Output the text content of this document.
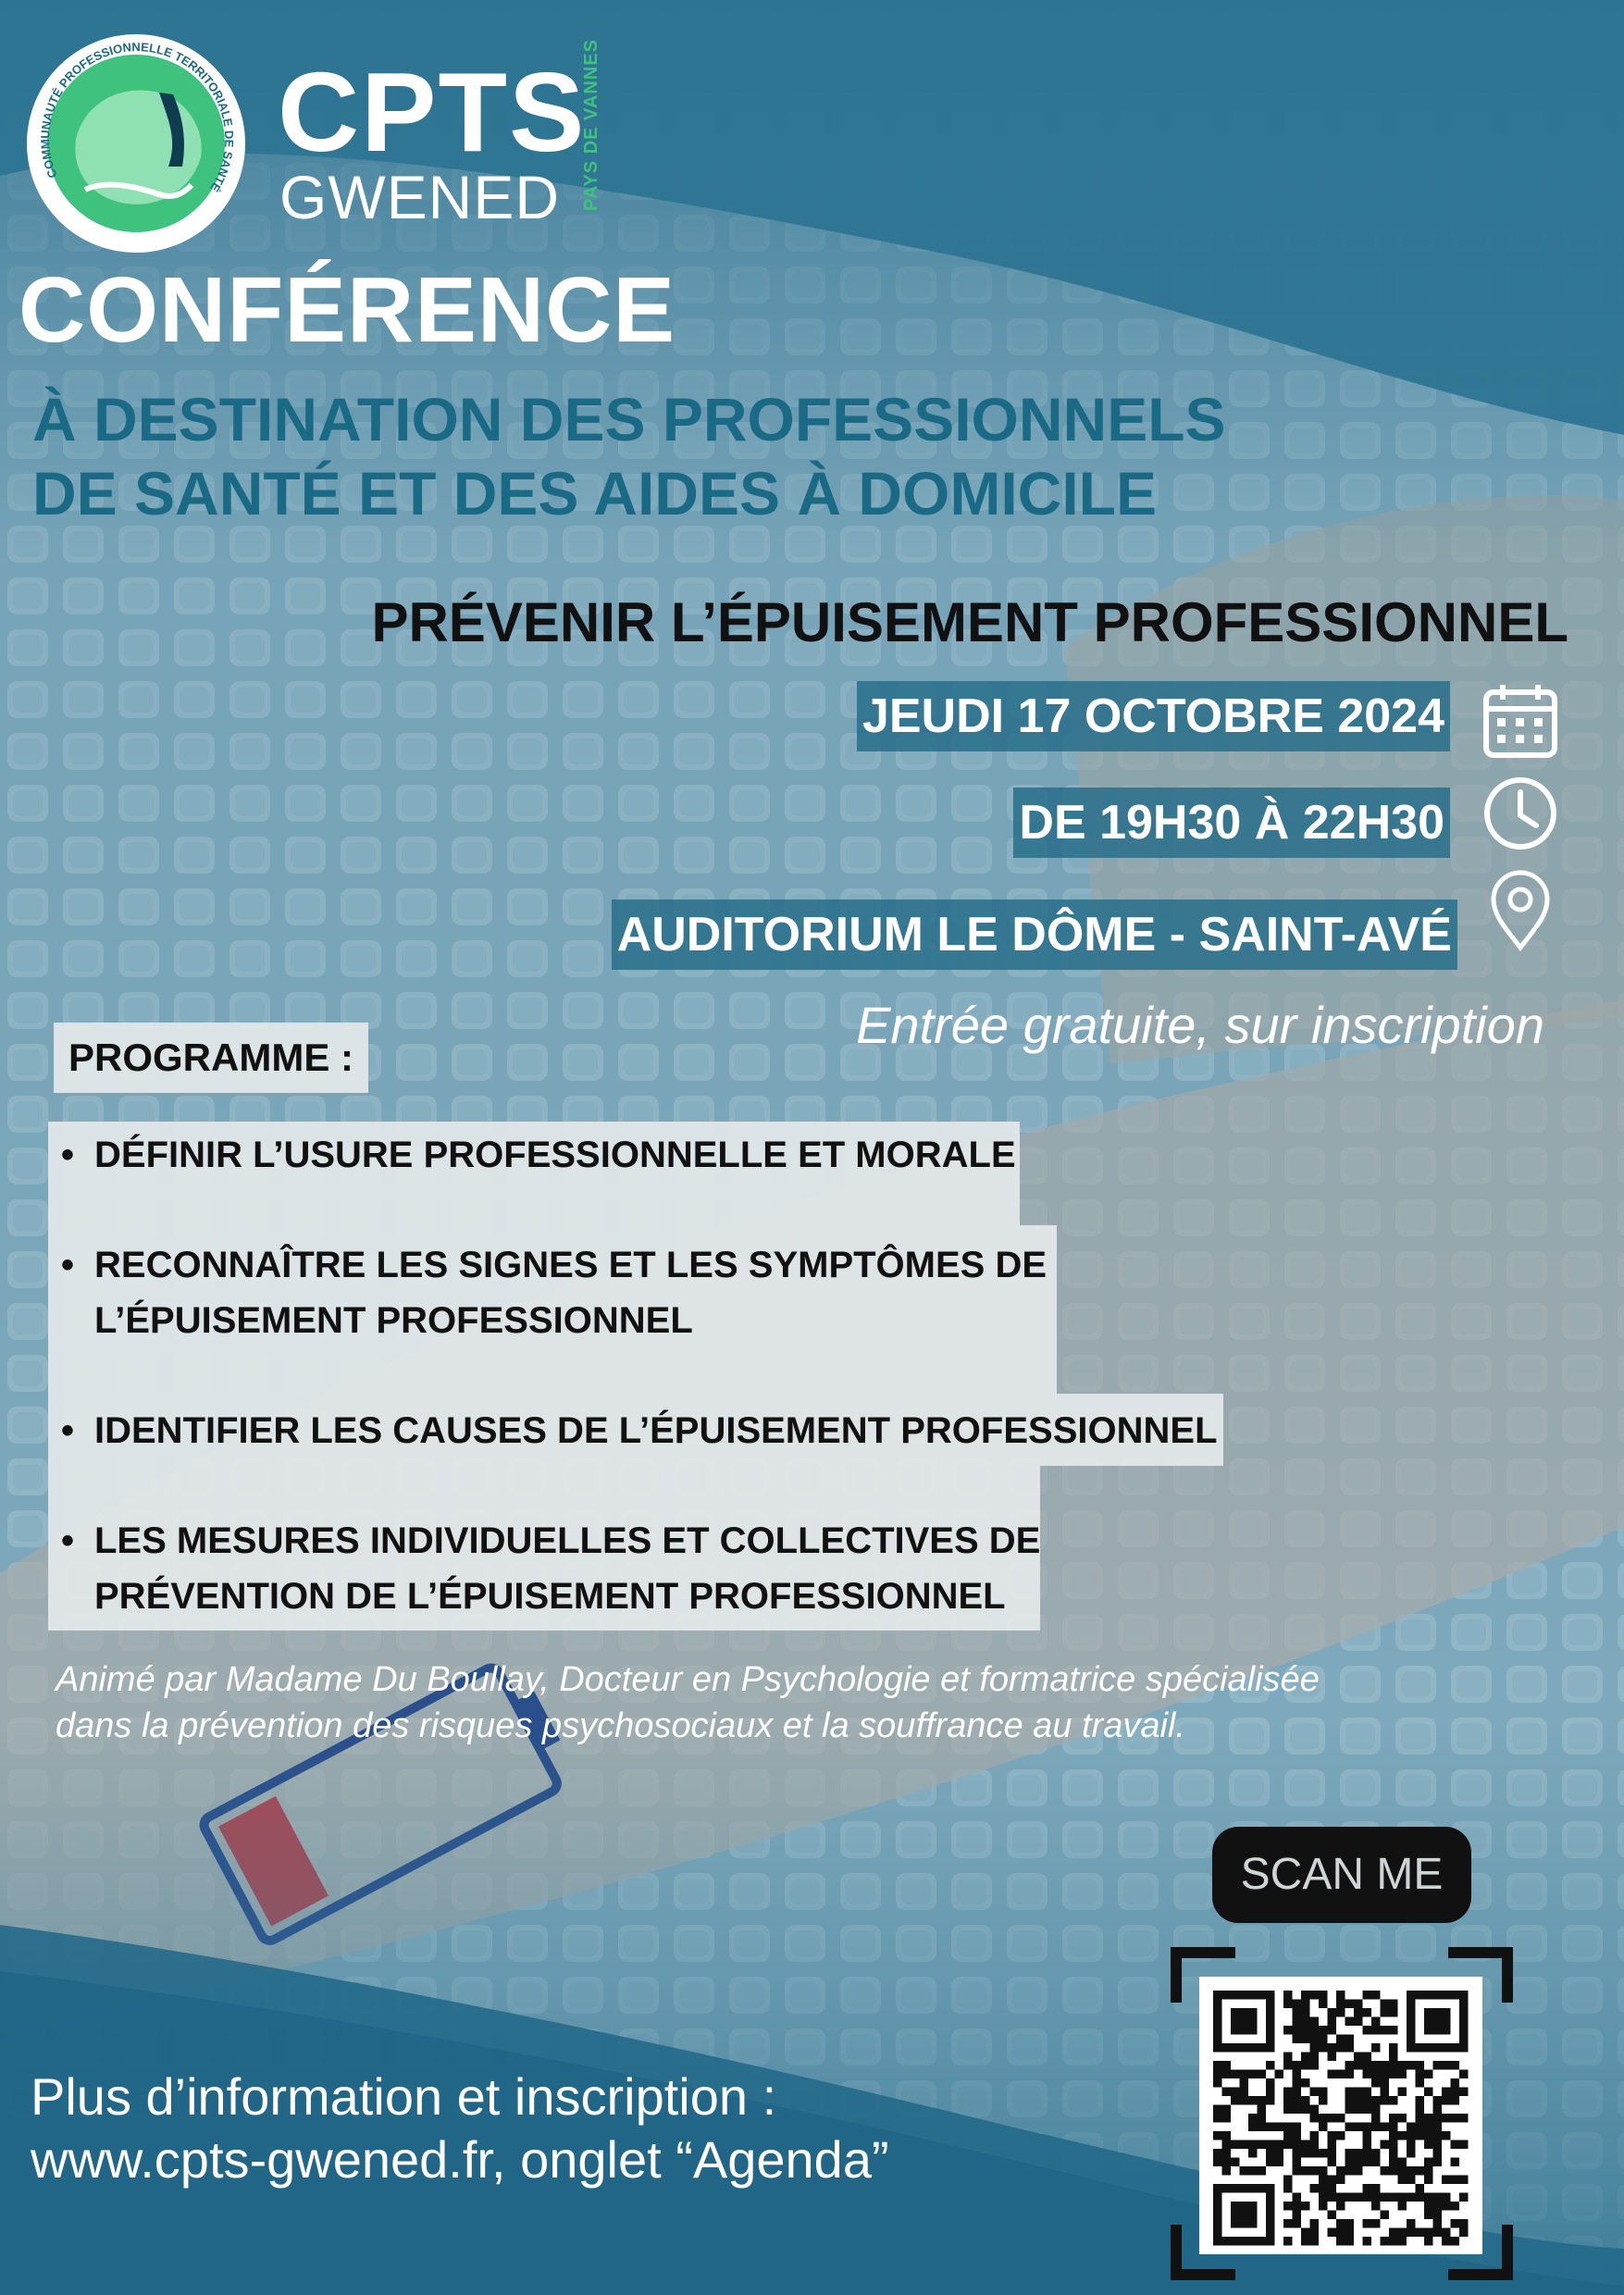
COMMUNAUTÉ PROFESSIONNELLE TERRITORIALE DE SANTÉ
CPTS
GWENED PAYS DE VANNES
CONFÉRENCE
À DESTINATION DES PROFESSIONNELS
DE SANTÉ ET DES AIDES À DOMICILE
PRÉVENIR L’ÉPUISEMENT PROFESSIONNEL
JEUDI 17 OCTOBRE 2024
DE 19H30 À 22H30
AUDITORIUM LE DÔME - SAINT-AVÉ
Entrée gratuite, sur inscription
PROGRAMME :
• DÉFINIR L’USURE PROFESSIONNELLE ET MORALE
• RECONNAÎTRE LES SIGNES ET LES SYMPTÔMES DE
L’ÉPUISEMENT PROFESSIONNEL
• IDENTIFIER LES CAUSES DE L’ÉPUISEMENT PROFESSIONNEL
• LES MESURES INDIVIDUELLES ET COLLECTIVES DE
PRÉVENTION DE L’ÉPUISEMENT PROFESSIONNEL
Animé par Madame Du Boullay, Docteur en Psychologie et formatrice spécialisée
dans la prévention des risques psychosociaux et la souffrance au travail.
Plus d’information et inscription :
www.cpts-gwened.fr, onglet “Agenda”
SCAN ME
